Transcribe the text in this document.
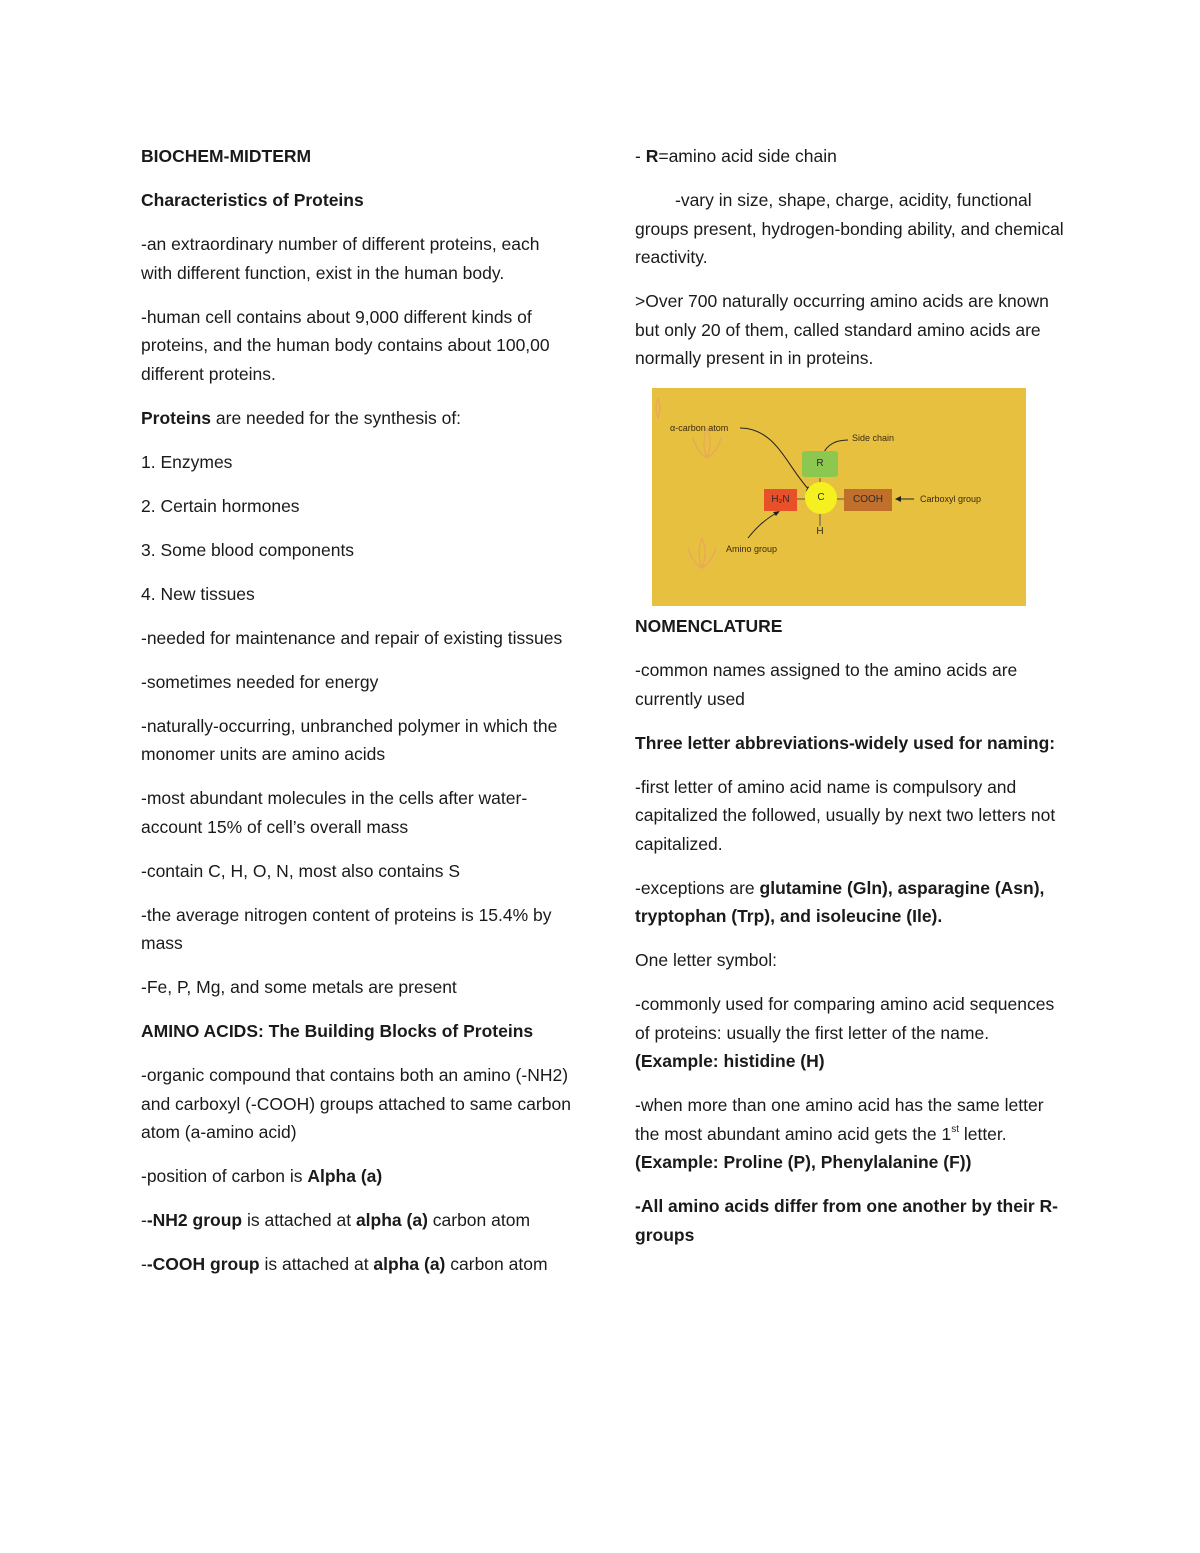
BIOCHEM-MIDTERM

Characteristics of Proteins

-an extraordinary number of different proteins, each with different function, exist in the human body.

-human cell contains about 9,000 different kinds of proteins, and the human body contains about 100,00 different proteins.

Proteins are needed for the synthesis of:

1. Enzymes

2. Certain hormones

3. Some blood components

4. New tissues

-needed for maintenance and repair of existing tissues

-sometimes needed for energy

-naturally-occurring, unbranched polymer in which the monomer units are amino acids

-most abundant molecules in the cells after water- account 15% of cell’s overall mass

-contain C, H, O, N, most also contains S

-the average nitrogen content of proteins is 15.4% by mass

-Fe, P, Mg, and some metals are present

AMINO ACIDS: The Building Blocks of Proteins

-organic compound that contains both an amino (-NH2) and carboxyl (-COOH) groups attached to same carbon atom (a-amino acid)

-position of carbon is Alpha (a)

--NH2 group is attached at alpha (a) carbon atom

--COOH group is attached at alpha (a) carbon atom

- R=amino acid side chain

-vary in size, shape, charge, acidity, functional groups present, hydrogen-bonding ability, and chemical reactivity.

>Over 700 naturally occurring amino acids are known but only 20 of them, called standard amino acids are normally present in in proteins.

α-carbon atom
Side chain
Carboxyl group
Amino group
R
H₂N	C	COOH
H

NOMENCLATURE

-common names assigned to the amino acids are currently used

Three letter abbreviations-widely used for naming:

-first letter of amino acid name is compulsory and capitalized the followed, usually by next two letters not capitalized.

-exceptions are glutamine (Gln), asparagine (Asn), tryptophan (Trp), and isoleucine (Ile).

One letter symbol:

-commonly used for comparing amino acid sequences of proteins: usually the first letter of the name. (Example: histidine (H)

-when more than one amino acid has the same letter the most abundant amino acid gets the 1st letter. (Example: Proline (P), Phenylalanine (F))

-All amino acids differ from one another by their R-groups
